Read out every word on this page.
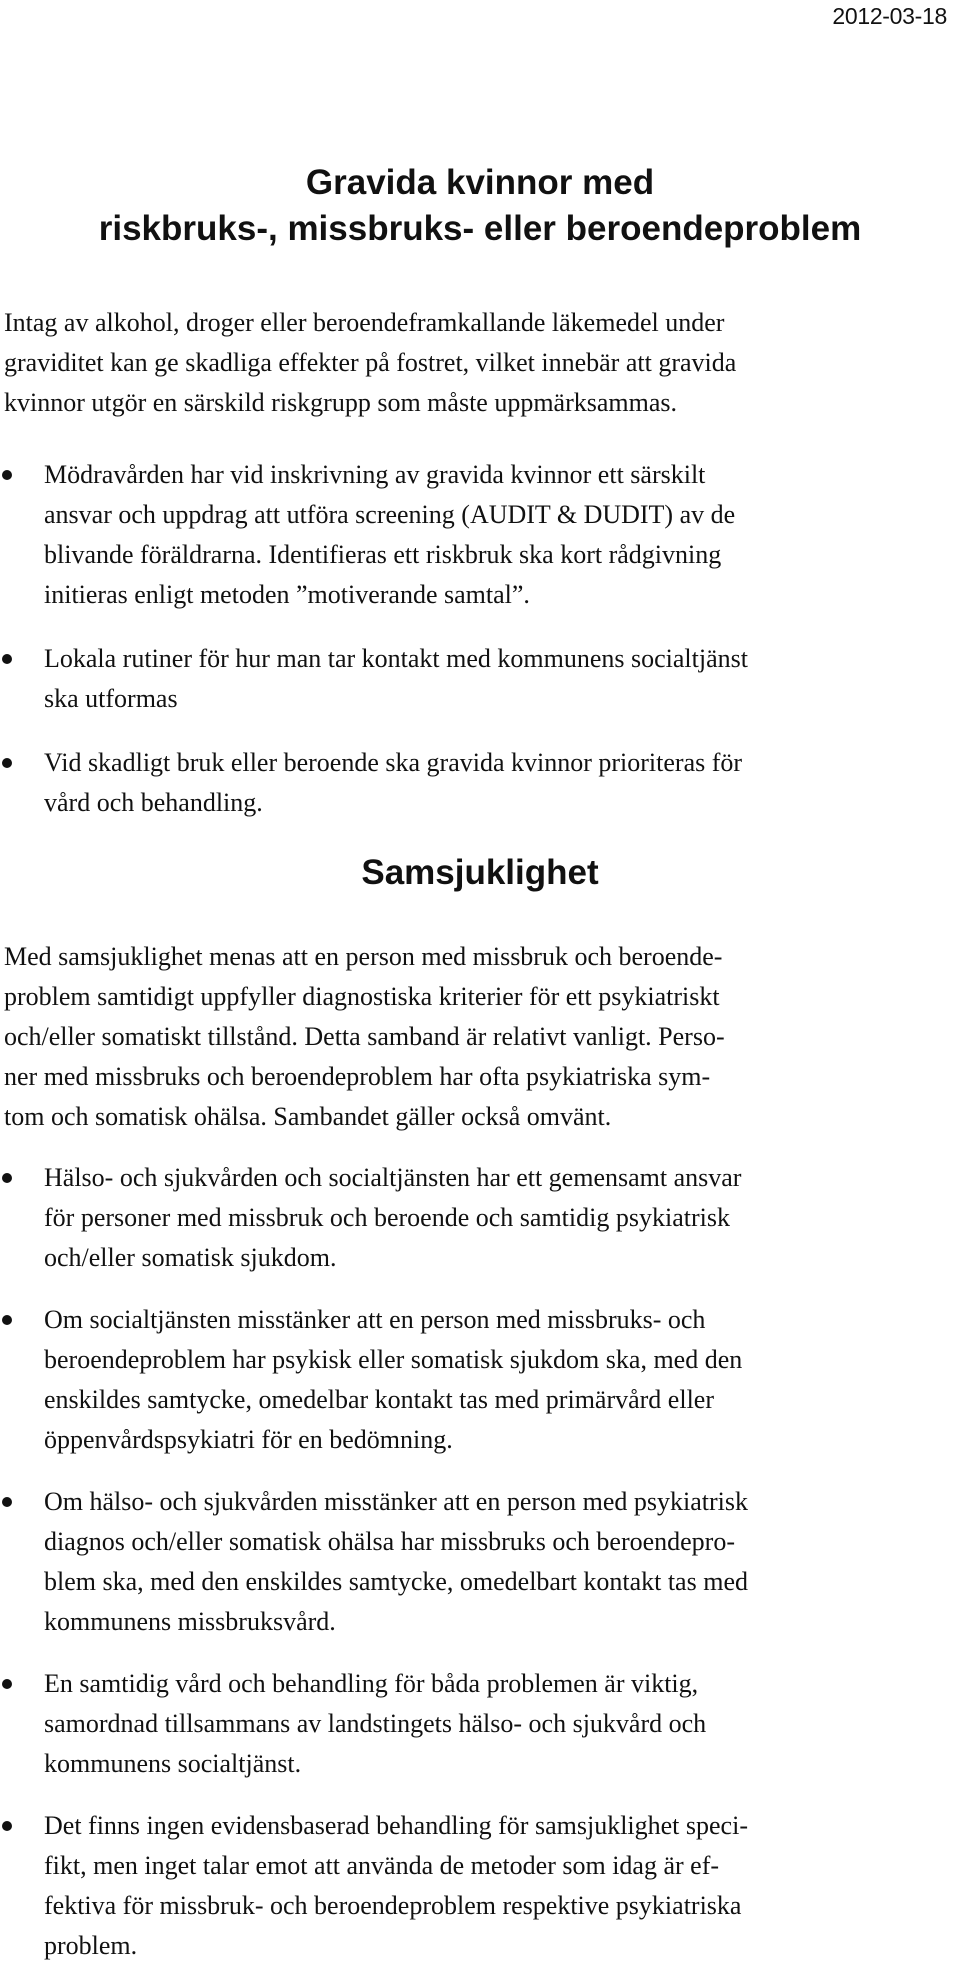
2012-03-18
Gravida kvinnor med
riskbruks-, missbruks- eller beroendeproblem

Intag av alkohol, droger eller beroendeframkallande läkemedel under
graviditet kan ge skadliga effekter på fostret, vilket innebär att gravida
kvinnor utgör en särskild riskgrupp som måste uppmärksammas.

Mödravården har vid inskrivning av gravida kvinnor ett särskilt
ansvar och uppdrag att utföra screening (AUDIT & DUDIT) av de
blivande föräldrarna. Identifieras ett riskbruk ska kort rådgivning
initieras enligt metoden ”motiverande samtal”.
Lokala rutiner för hur man tar kontakt med kommunens socialtjänst
ska utformas
Vid skadligt bruk eller beroende ska gravida kvinnor prioriteras för
vård och behandling.
Samsjuklighet

Med samsjuklighet menas att en person med missbruk och beroende-
problem samtidigt uppfyller diagnostiska kriterier för ett psykiatriskt
och/eller somatiskt tillstånd. Detta samband är relativt vanligt. Perso-
ner med missbruks och beroendeproblem har ofta psykiatriska sym-
tom och somatisk ohälsa. Sambandet gäller också omvänt.

Hälso- och sjukvården och socialtjänsten har ett gemensamt ansvar
för personer med missbruk och beroende och samtidig psykiatrisk
och/eller somatisk sjukdom.
Om socialtjänsten misstänker att en person med missbruks- och
beroendeproblem har psykisk eller somatisk sjukdom ska, med den
enskildes samtycke, omedelbar kontakt tas med primärvård eller
öppenvårdspsykiatri för en bedömning.
Om hälso- och sjukvården misstänker att en person med psykiatrisk
diagnos och/eller somatisk ohälsa har missbruks och beroendepro-
blem ska, med den enskildes samtycke, omedelbart kontakt tas med
kommunens missbruksvård.
En samtidig vård och behandling för båda problemen är viktig,
samordnad tillsammans av landstingets hälso- och sjukvård och
kommunens socialtjänst.
Det finns ingen evidensbaserad behandling för samsjuklighet speci-
fikt, men inget talar emot att använda de metoder som idag är ef-
fektiva för missbruk- och beroendeproblem respektive psykiatriska
problem.
